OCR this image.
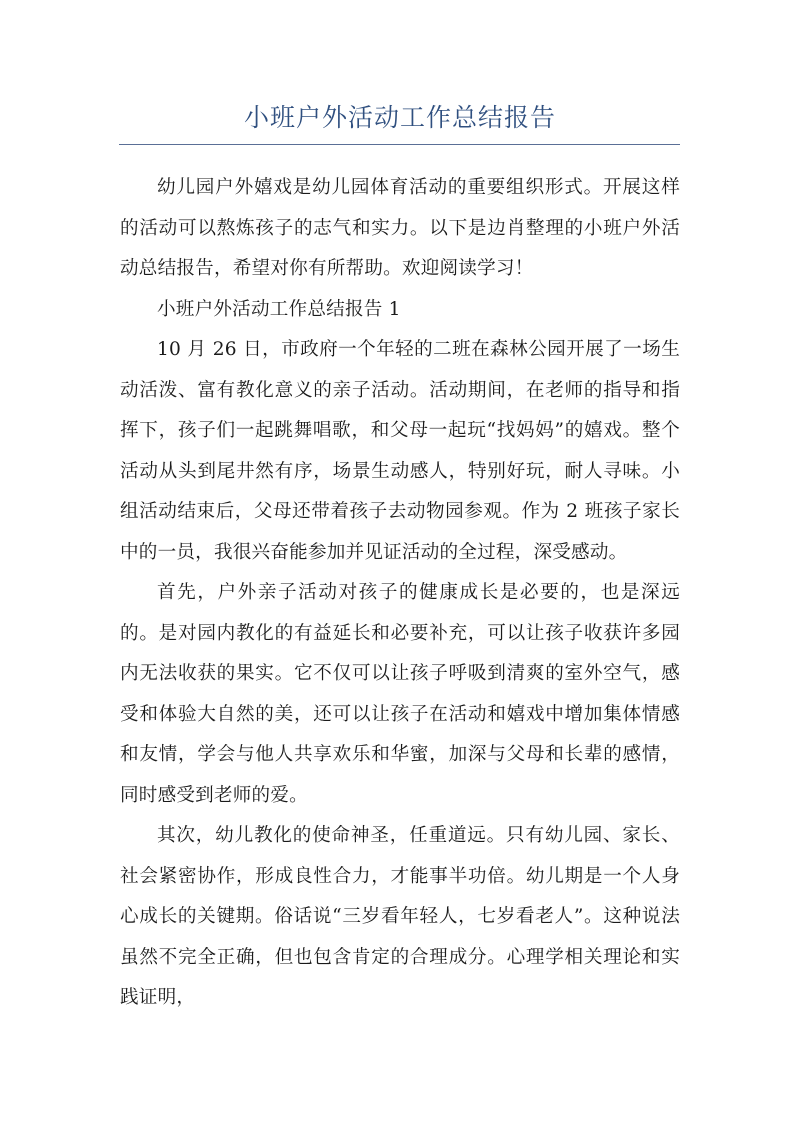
小班户外活动工作总结报告

幼儿园户外嬉戏是幼儿园体育活动的重要组织形式。开展这样的活动可以熬炼孩子的志气和实力。以下是边肖整理的小班户外活动总结报告，希望对你有所帮助。欢迎阅读学习！

小班户外活动工作总结报告 1

10 月 26 日，市政府一个年轻的二班在森林公园开展了一场生动活泼、富有教化意义的亲子活动。活动期间，在老师的指导和指挥下，孩子们一起跳舞唱歌，和父母一起玩“找妈妈”的嬉戏。整个活动从头到尾井然有序，场景生动感人，特别好玩，耐人寻味。小组活动结束后，父母还带着孩子去动物园参观。作为 2 班孩子家长中的一员，我很兴奋能参加并见证活动的全过程，深受感动。

首先，户外亲子活动对孩子的健康成长是必要的，也是深远的。是对园内教化的有益延长和必要补充，可以让孩子收获许多园内无法收获的果实。它不仅可以让孩子呼吸到清爽的室外空气，感受和体验大自然的美，还可以让孩子在活动和嬉戏中增加集体情感和友情，学会与他人共享欢乐和华蜜，加深与父母和长辈的感情，同时感受到老师的爱。

其次，幼儿教化的使命神圣，任重道远。只有幼儿园、家长、社会紧密协作，形成良性合力，才能事半功倍。幼儿期是一个人身心成长的关键期。俗话说“三岁看年轻人，七岁看老人”。这种说法虽然不完全正确，但也包含肯定的合理成分。心理学相关理论和实践证明，
